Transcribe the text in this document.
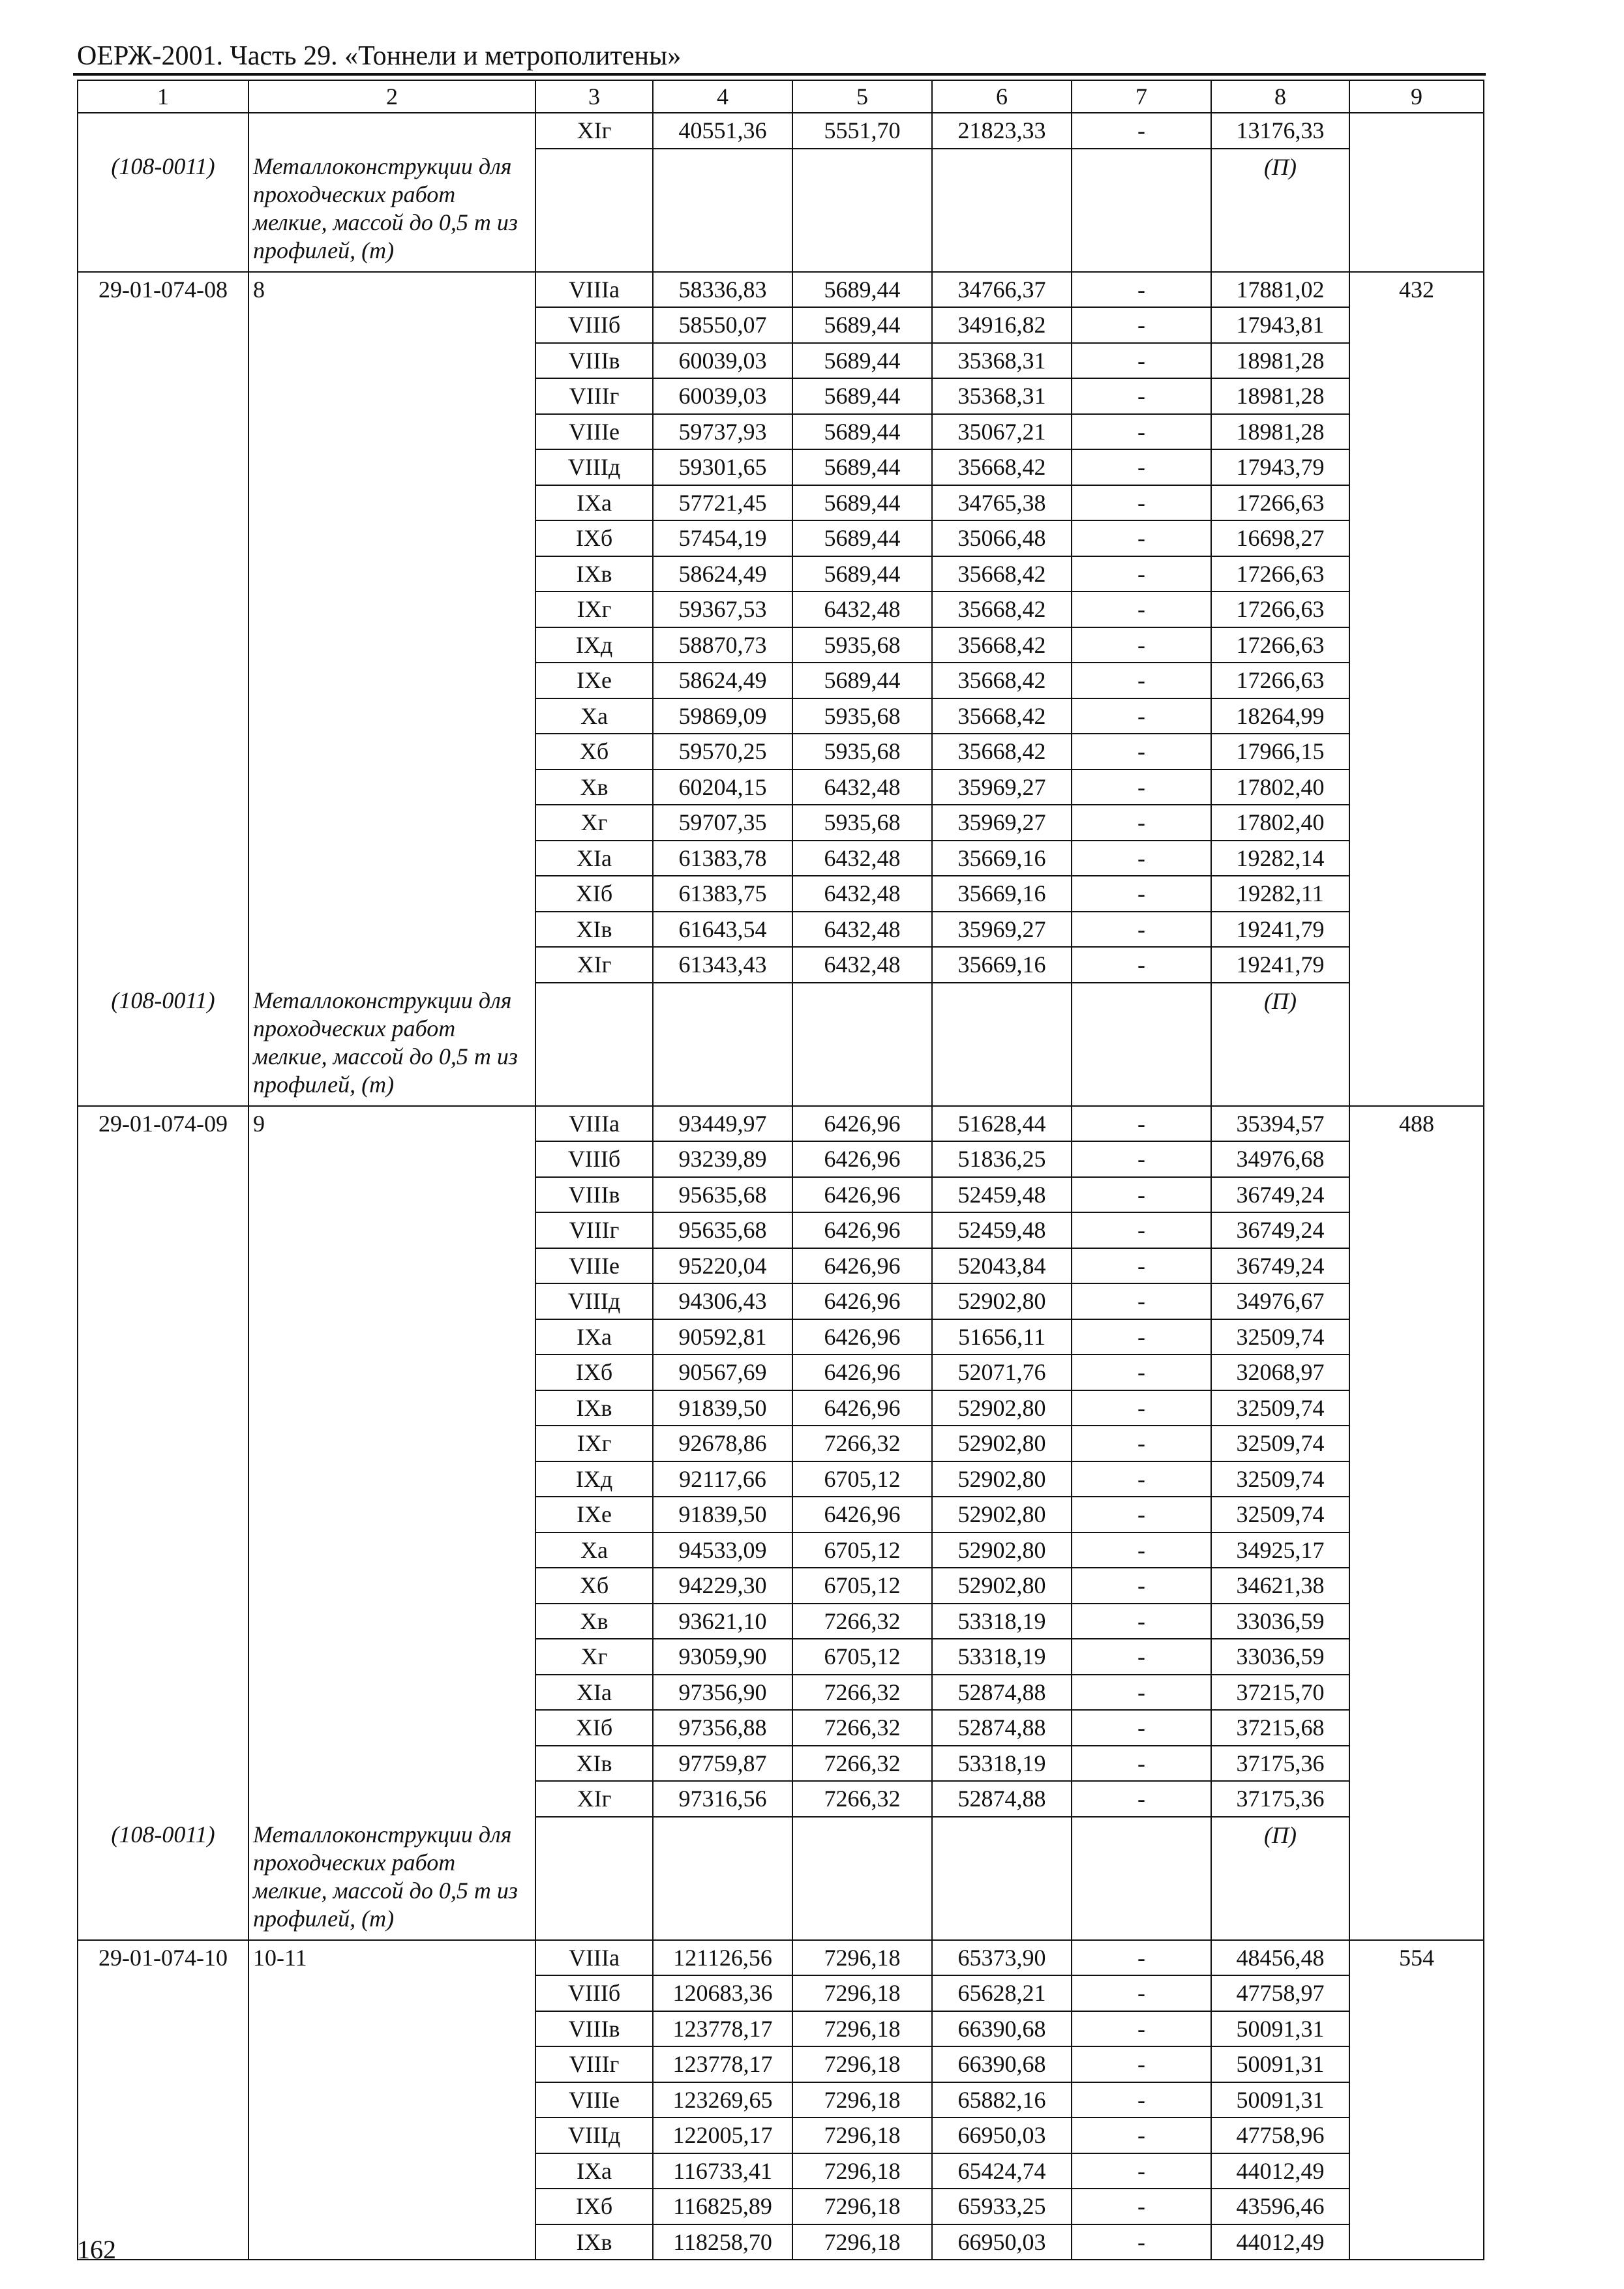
ОЕРЖ-2001. Часть 29. «Тоннели и метрополитены»
1	2	3	4	5	6	7	8	9
		XIг	40551,36	5551,70	21823,33	-	13176,33	
(108-0011)	Металлоконструкции для проходческих работ мелкие, массой до 0,5 т из профилей, (т)						(П)	
29-01-074-08	8	VIIIа	58336,83	5689,44	34766,37	-	17881,02	432
		VIIIб	58550,07	5689,44	34916,82	-	17943,81	
		VIIIв	60039,03	5689,44	35368,31	-	18981,28	
		VIIIг	60039,03	5689,44	35368,31	-	18981,28	
		VIIIе	59737,93	5689,44	35067,21	-	18981,28	
		VIIIд	59301,65	5689,44	35668,42	-	17943,79	
		IXа	57721,45	5689,44	34765,38	-	17266,63	
		IXб	57454,19	5689,44	35066,48	-	16698,27	
		IXв	58624,49	5689,44	35668,42	-	17266,63	
		IXг	59367,53	6432,48	35668,42	-	17266,63	
		IXд	58870,73	5935,68	35668,42	-	17266,63	
		IXе	58624,49	5689,44	35668,42	-	17266,63	
		Xа	59869,09	5935,68	35668,42	-	18264,99	
		Xб	59570,25	5935,68	35668,42	-	17966,15	
		Xв	60204,15	6432,48	35969,27	-	17802,40	
		Xг	59707,35	5935,68	35969,27	-	17802,40	
		XIа	61383,78	6432,48	35669,16	-	19282,14	
		XIб	61383,75	6432,48	35669,16	-	19282,11	
		XIв	61643,54	6432,48	35969,27	-	19241,79	
		XIг	61343,43	6432,48	35669,16	-	19241,79	
(108-0011)	Металлоконструкции для проходческих работ мелкие, массой до 0,5 т из профилей, (т)						(П)	
29-01-074-09	9	VIIIа	93449,97	6426,96	51628,44	-	35394,57	488
		VIIIб	93239,89	6426,96	51836,25	-	34976,68	
		VIIIв	95635,68	6426,96	52459,48	-	36749,24	
		VIIIг	95635,68	6426,96	52459,48	-	36749,24	
		VIIIе	95220,04	6426,96	52043,84	-	36749,24	
		VIIIд	94306,43	6426,96	52902,80	-	34976,67	
		IXа	90592,81	6426,96	51656,11	-	32509,74	
		IXб	90567,69	6426,96	52071,76	-	32068,97	
		IXв	91839,50	6426,96	52902,80	-	32509,74	
		IXг	92678,86	7266,32	52902,80	-	32509,74	
		IXд	92117,66	6705,12	52902,80	-	32509,74	
		IXе	91839,50	6426,96	52902,80	-	32509,74	
		Xа	94533,09	6705,12	52902,80	-	34925,17	
		Xб	94229,30	6705,12	52902,80	-	34621,38	
		Xв	93621,10	7266,32	53318,19	-	33036,59	
		Xг	93059,90	6705,12	53318,19	-	33036,59	
		XIа	97356,90	7266,32	52874,88	-	37215,70	
		XIб	97356,88	7266,32	52874,88	-	37215,68	
		XIв	97759,87	7266,32	53318,19	-	37175,36	
		XIг	97316,56	7266,32	52874,88	-	37175,36	
(108-0011)	Металлоконструкции для проходческих работ мелкие, массой до 0,5 т из профилей, (т)						(П)	
29-01-074-10	10-11	VIIIа	121126,56	7296,18	65373,90	-	48456,48	554
		VIIIб	120683,36	7296,18	65628,21	-	47758,97	
		VIIIв	123778,17	7296,18	66390,68	-	50091,31	
		VIIIг	123778,17	7296,18	66390,68	-	50091,31	
		VIIIе	123269,65	7296,18	65882,16	-	50091,31	
		VIIIд	122005,17	7296,18	66950,03	-	47758,96	
		IXа	116733,41	7296,18	65424,74	-	44012,49	
		IXб	116825,89	7296,18	65933,25	-	43596,46	
		IXв	118258,70	7296,18	66950,03	-	44012,49	
162
